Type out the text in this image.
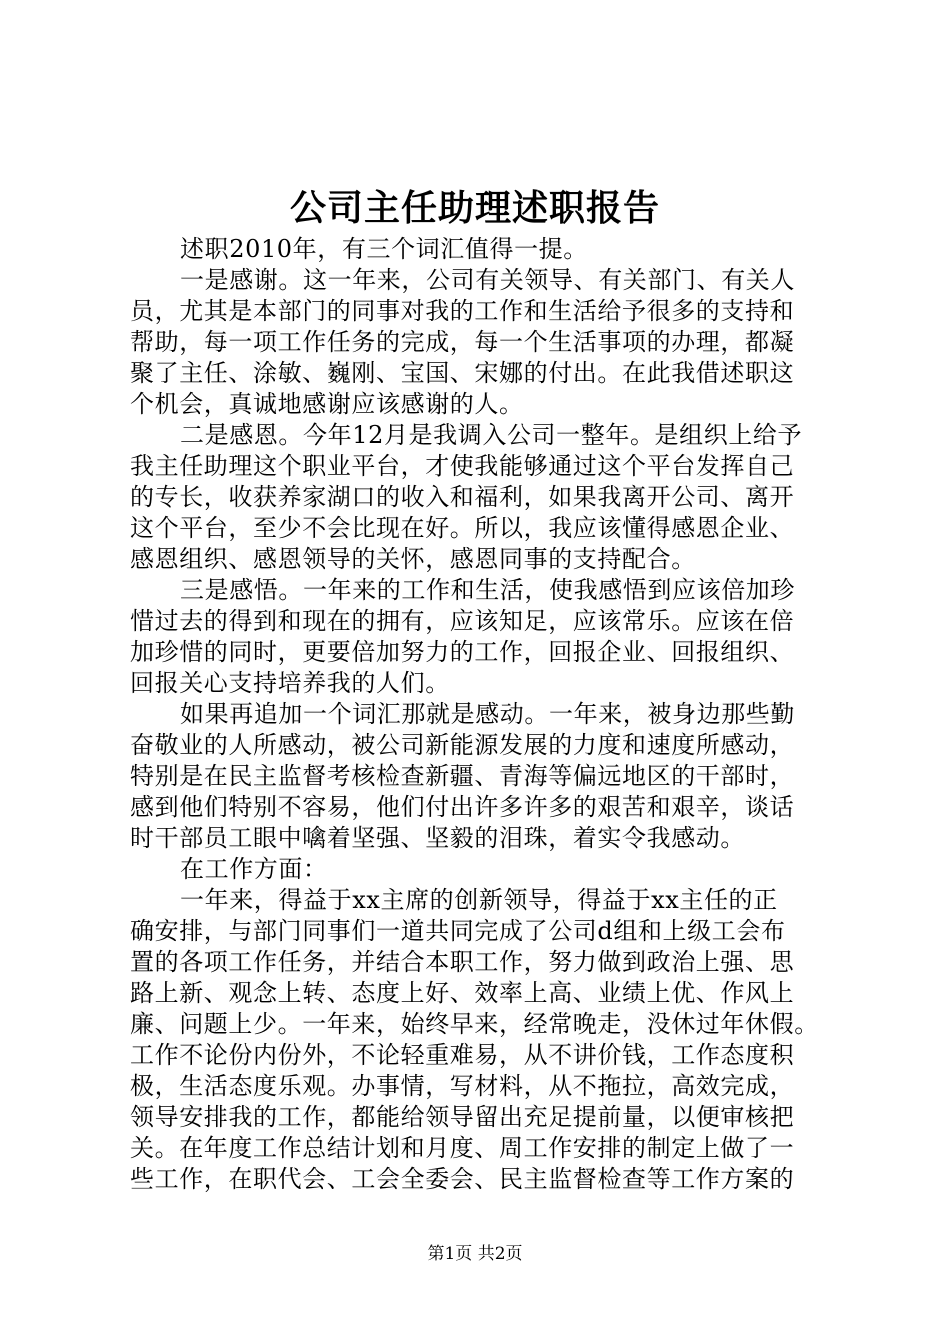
公司主任助理述职报告
述职2010年，有三个词汇值得一提。
一是感谢。这一年来，公司有关领导、有关部门、有关人
员，尤其是本部门的同事对我的工作和生活给予很多的支持和
帮助，每一项工作任务的完成，每一个生活事项的办理，都凝
聚了主任、涂敏、巍刚、宝国、宋娜的付出。在此我借述职这
个机会，真诚地感谢应该感谢的人。
二是感恩。今年12月是我调入公司一整年。是组织上给予
我主任助理这个职业平台，才使我能够通过这个平台发挥自己
的专长，收获养家湖口的收入和福利，如果我离开公司、离开
这个平台，至少不会比现在好。所以，我应该懂得感恩企业、
感恩组织、感恩领导的关怀，感恩同事的支持配合。
三是感悟。一年来的工作和生活，使我感悟到应该倍加珍
惜过去的得到和现在的拥有，应该知足，应该常乐。应该在倍
加珍惜的同时，更要倍加努力的工作，回报企业、回报组织、
回报关心支持培养我的人们。
如果再追加一个词汇那就是感动。一年来，被身边那些勤
奋敬业的人所感动，被公司新能源发展的力度和速度所感动，
特别是在民主监督考核检查新疆、青海等偏远地区的干部时，
感到他们特别不容易，他们付出许多许多的艰苦和艰辛，谈话
时干部员工眼中噙着坚强、坚毅的泪珠，着实令我感动。
在工作方面：
一年来，得益于xx主席的创新领导，得益于xx主任的正
确安排，与部门同事们一道共同完成了公司d组和上级工会布
置的各项工作任务，并结合本职工作，努力做到政治上强、思
路上新、观念上转、态度上好、效率上高、业绩上优、作风上
廉、问题上少。一年来，始终早来，经常晚走，没休过年休假。
工作不论份内份外，不论轻重难易，从不讲价钱，工作态度积
极，生活态度乐观。办事情，写材料，从不拖拉，高效完成，
领导安排我的工作，都能给领导留出充足提前量，以便审核把
关。在年度工作总结计划和月度、周工作安排的制定上做了一
些工作，在职代会、工会全委会、民主监督检查等工作方案的
第1页 共2页
